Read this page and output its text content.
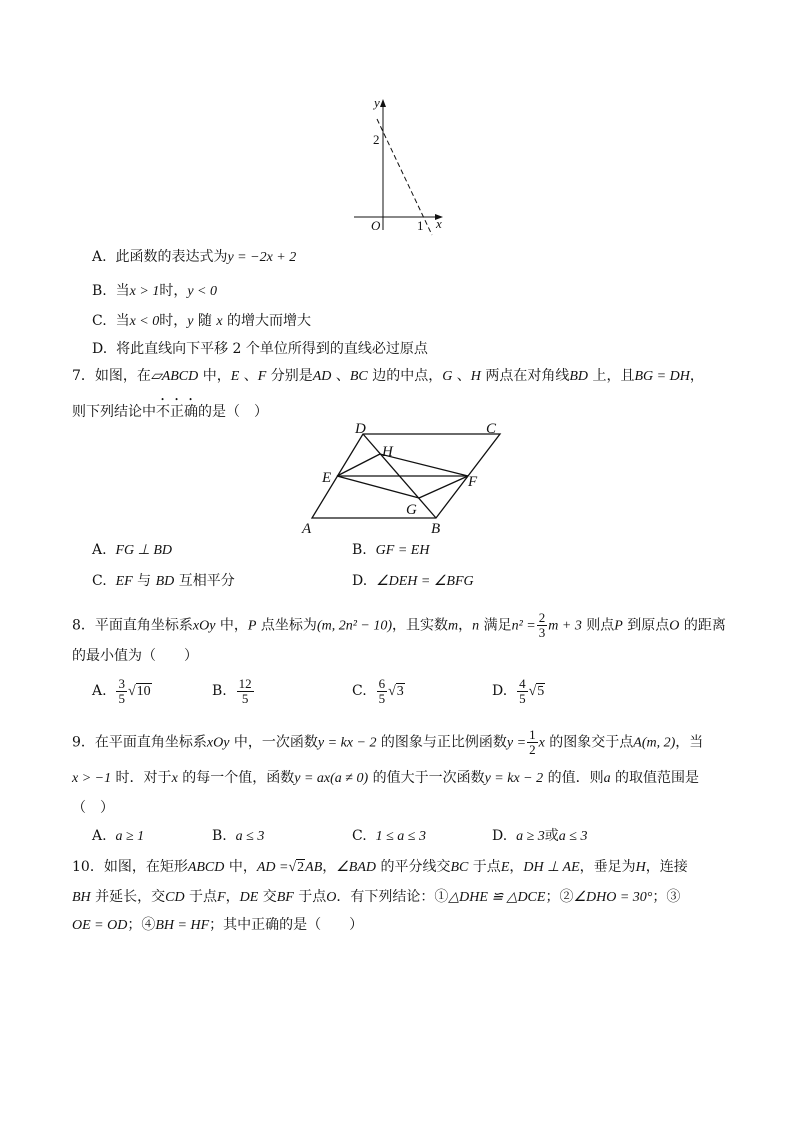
y
x
O
2
1
A. 此函数的表达式为y = −2x + 2
B. 当x > 1时，y < 0
C. 当x < 0时，y 随 x 的增大而增大
D. 将此直线向下平移 2 个单位所得到的直线必过原点
7．如图，在▱ABCD 中，E 、F 分别是AD 、BC 边的中点，G 、H 两点在对角线BD 上，且BG = DH，
则下列结论中不正确的是（　）
A	B
C
D
E	F
G
H
A. FG ⊥ BD	B. GF = EH
C. EF 与 BD 互相平分	D. ∠DEH = ∠BFG
8．平面直角坐标系xOy 中，P 点坐标为(m, 2n² − 10)，且实数m，n 满足$n^2 = \frac{2}{3}$ m + 3 则点P 到原点O 的距离
的最小值为（　　）
A. $\frac{3}{5} √10$	B. $\frac{12}{5}$	C. $\frac{6}{5} √3$	D. $\frac{4}{5} √5$
9．在平面直角坐标系xOy 中，一次函数y = kx − 2 的图象与正比例函数$y = \frac{1}{2}$ x 的图象交于点A(m, 2)，当
x > −1 时．对于x 的每一个值，函数y = ax(a ≠ 0) 的值大于一次函数y = kx − 2 的值．则a 的取值范围是
（　）
A. a ≥ 1	B. a ≤ 3	C. 1 ≤ a ≤ 3	D. a ≥ 3或a ≤ 3
10．如图，在矩形ABCD 中，AD =√2AB，∠BAD 的平分线交BC 于点E，DH ⊥ AE，垂足为H，连接
BH 并延长，交CD 于点F，DE 交BF 于点O．有下列结论：①△DHE ≌ △DCE；②∠DHO = 30°；③
OE = OD；④BH = HF；其中正确的是（　　）
